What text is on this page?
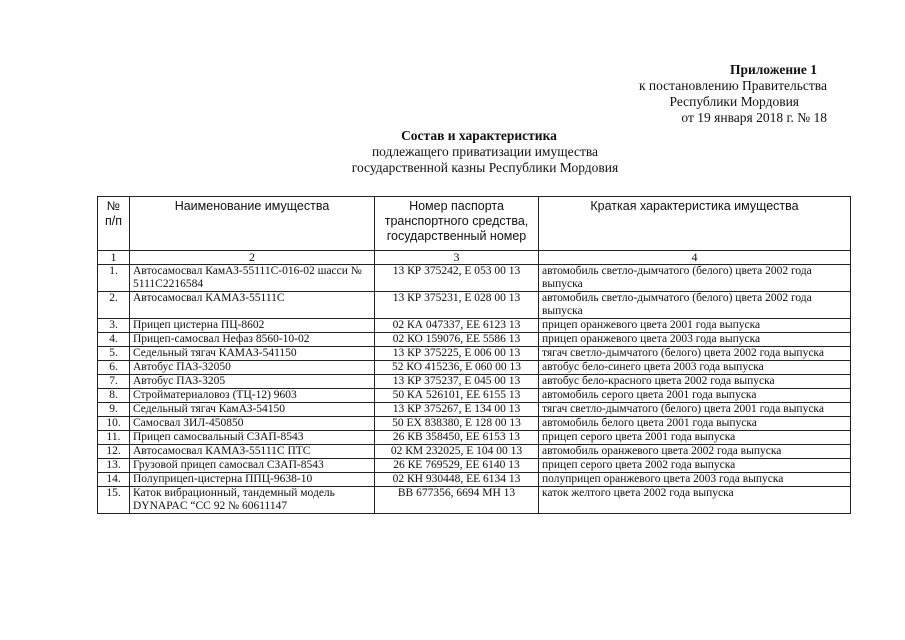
Приложение 1
к постановлению Правительства
Республики Мордовия
от 19 января 2018 г. № 18
Состав и характеристика
подлежащего приватизации имущества
государственной казны Республики Мордовия
№ п/п	Наименование имущества	Номер паспорта транспортного средства, государственный номер	Краткая характеристика имущества
1	2	3	4
1.	Автосамосвал КамАЗ-55111С-016-02 шасси № 5111С2216584	13 КР 375242, Е 053 00 13	автомобиль светло-дымчатого (белого) цвета 2002 года выпуска
2.	Автосамосвал КАМАЗ-55111С	13 КР 375231, Е 028 00 13	автомобиль светло-дымчатого (белого) цвета 2002 года выпуска
3.	Прицеп цистерна ПЦ-8602	02 КА 047337, ЕЕ 6123 13	прицеп оранжевого цвета 2001 года выпуска
4.	Прицеп-самосвал Нефаз 8560-10-02	02 КО 159076, ЕЕ 5586 13	прицеп оранжевого цвета 2003 года выпуска
5.	Седельный тягач КАМАЗ-541150	13 КР 375225, Е 006 00 13	тягач светло-дымчатого (белого) цвета 2002 года выпуска
6.	Автобус ПАЗ-32050	52 КО 415236, Е 060 00 13	автобус бело-синего цвета 2003 года выпуска
7.	Автобус ПАЗ-3205	13 КР 375237, Е 045 00 13	автобус бело-красного цвета 2002 года выпуска
8.	Стройматериаловоз (ТЦ-12) 9603	50 КА 526101, ЕЕ 6155 13	автомобиль серого цвета 2001 года выпуска
9.	Седельный тягач КамАЗ-54150	13 КР 375267, Е 134 00 13	тягач светло-дымчатого (белого) цвета 2001 года выпуска
10.	Самосвал ЗИЛ-450850	50 ЕХ 838380, Е 128 00 13	автомобиль белого цвета 2001 года выпуска
11.	Прицеп самосвальный СЗАП-8543	26 КВ 358450, ЕЕ 6153 13	прицеп серого цвета 2001 года выпуска
12.	Автосамосвал КАМАЗ-55111С ПТС	02 КМ 232025, Е 104 00 13	автомобиль оранжевого цвета 2002 года выпуска
13.	Грузовой прицеп самосвал СЗАП-8543	26 КЕ 769529, ЕЕ 6140 13	прицеп серого цвета 2002 года выпуска
14.	Полуприцеп-цистерна ППЦ-9638-10	02 КН 930448, ЕЕ 6134 13	полуприцеп оранжевого цвета 2003 года выпуска
15.	Каток вибрационный, тандемный модель DYNAPAC “CC 92 № 60611147	ВВ 677356, 6694 МН 13	каток желтого цвета 2002 года выпуска
